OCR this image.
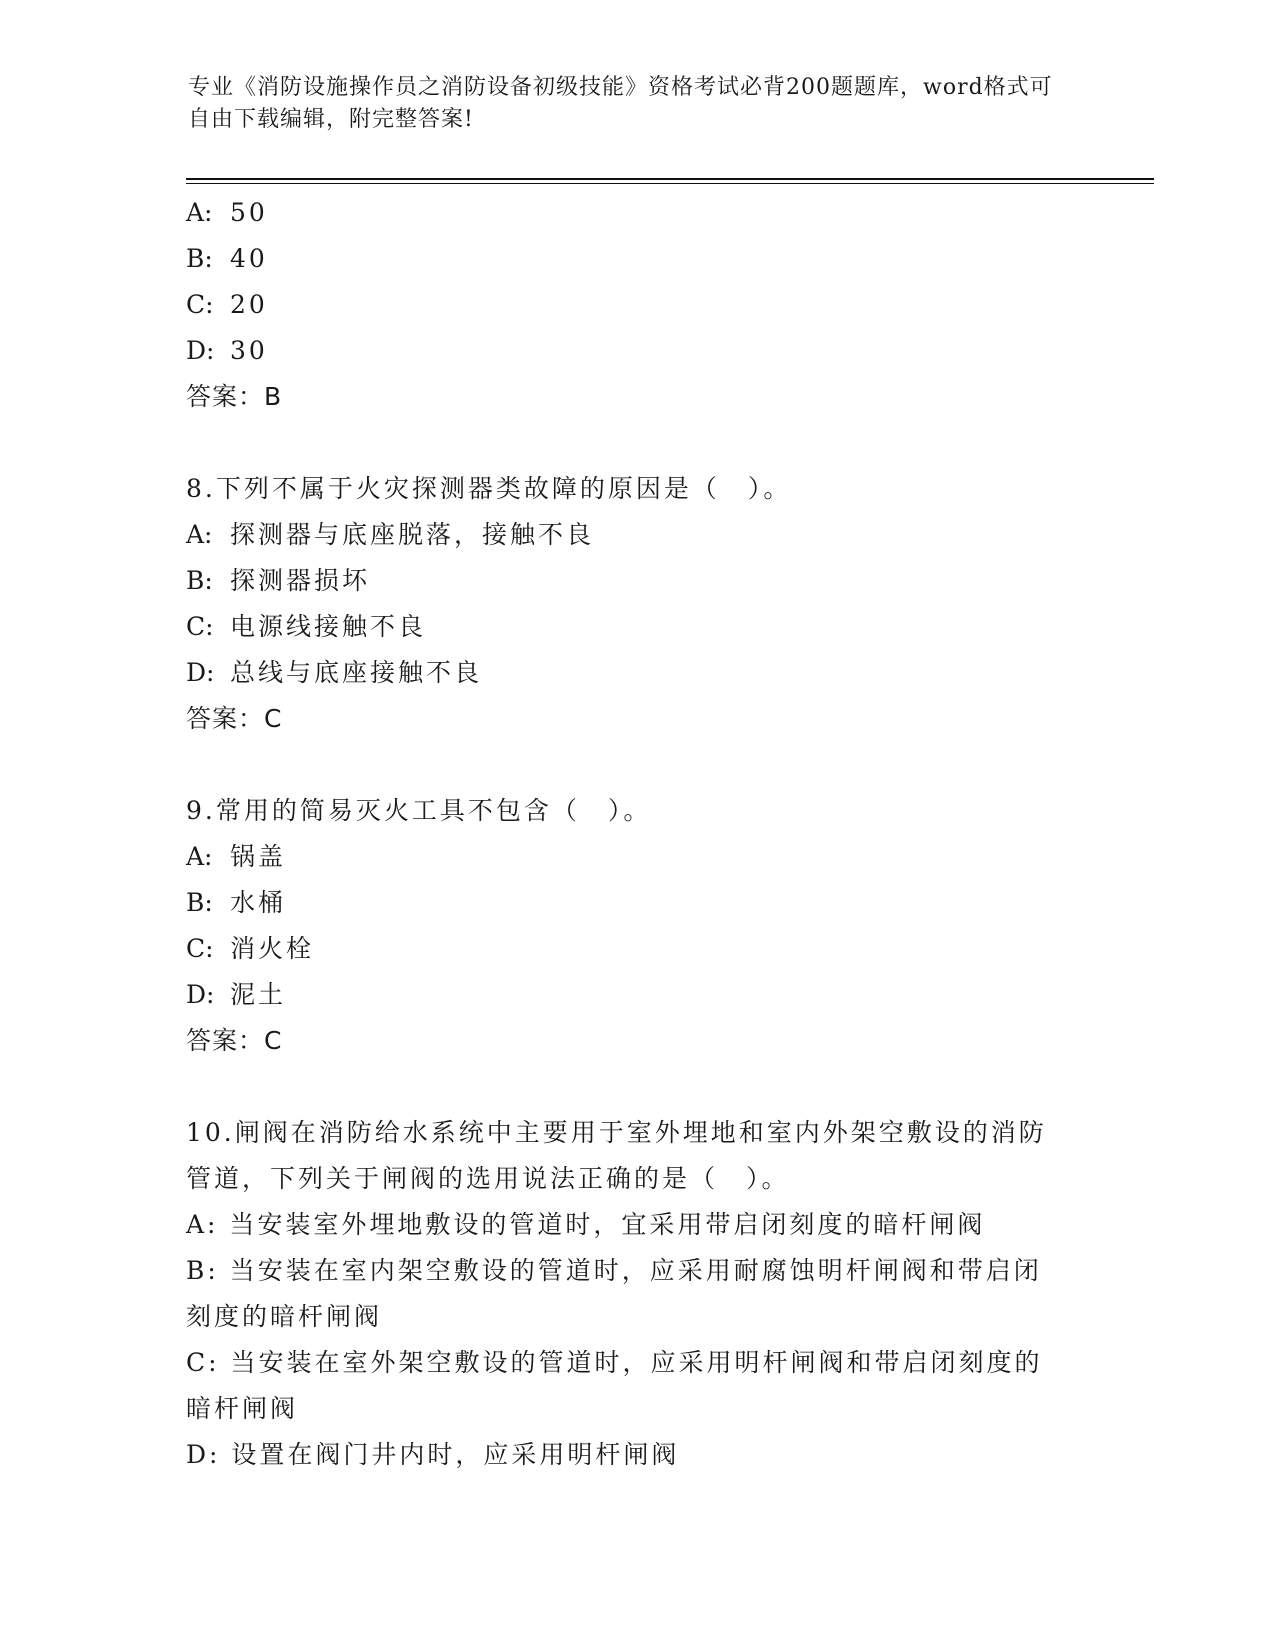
专业《消防设施操作员之消防设备初级技能》资格考试必背200题题库，word格式可自由下载编辑，附完整答案!
A: 50
B: 40
C: 20
D: 30
答案：B
8.下列不属于火灾探测器类故障的原因是（　）。
A: 探测器与底座脱落，接触不良
B: 探测器损坏
C: 电源线接触不良
D: 总线与底座接触不良
答案：C
9.常用的简易灭火工具不包含（　）。
A: 锅盖
B: 水桶
C: 消火栓
D: 泥土
答案：C
10.闸阀在消防给水系统中主要用于室外埋地和室内外架空敷设的消防
管道，下列关于闸阀的选用说法正确的是（　）。
A: 当安装室外埋地敷设的管道时，宜采用带启闭刻度的暗杆闸阀
B: 当安装在室内架空敷设的管道时，应采用耐腐蚀明杆闸阀和带启闭
刻度的暗杆闸阀
C: 当安装在室外架空敷设的管道时，应采用明杆闸阀和带启闭刻度的
暗杆闸阀
D: 设置在阀门井内时，应采用明杆闸阀
